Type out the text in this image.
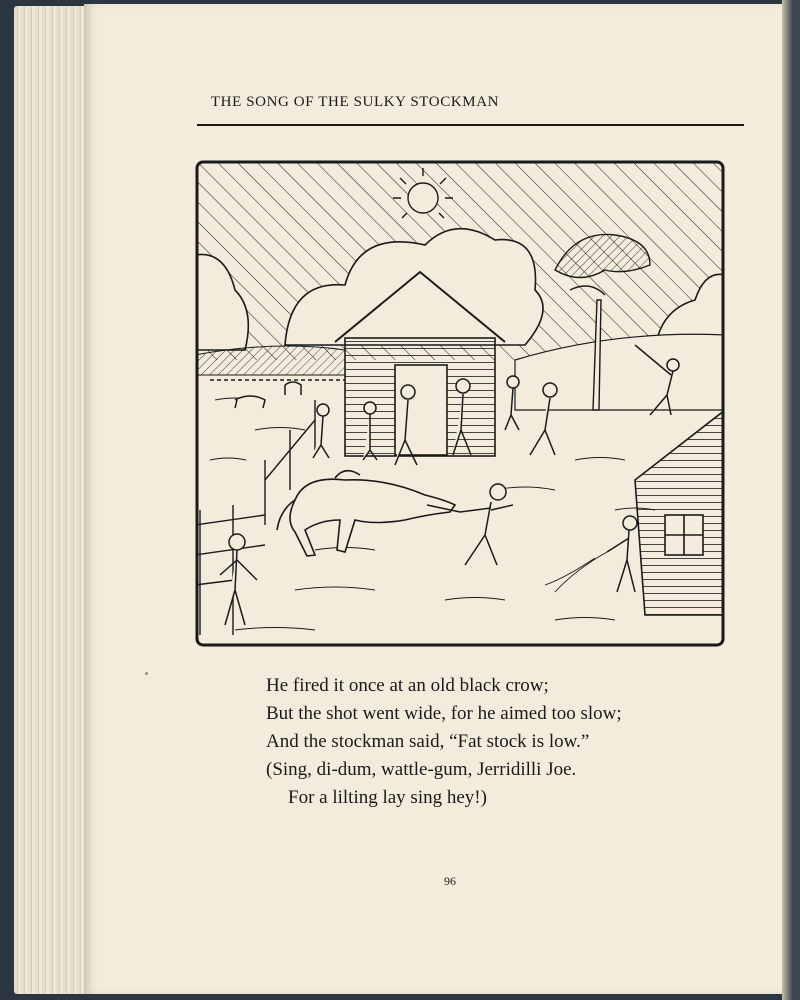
THE SONG OF THE SULKY STOCKMAN
He fired it once at an old black crow;
But the shot went wide, for he aimed too slow;
And the stockman said, “Fat stock is low.”
(Sing, di-dum, wattle-gum, Jerridilli Joe.
For a lilting lay sing hey!)
96
